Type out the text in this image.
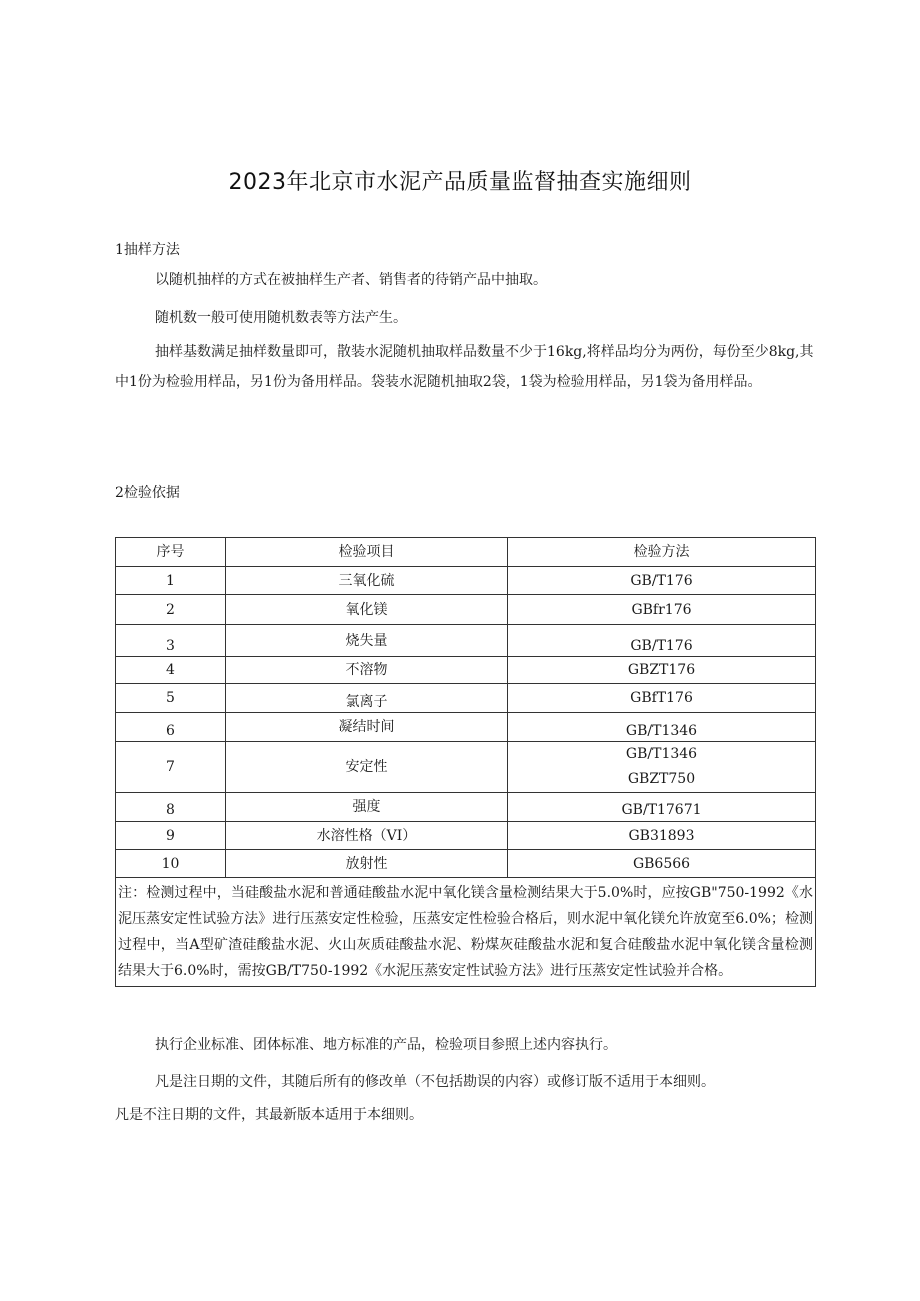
2023年北京市水泥产品质量监督抽查实施细则
1抽样方法
以随机抽样的方式在被抽样生产者、销售者的待销产品中抽取。
随机数一般可使用随机数表等方法产生。
抽样基数满足抽样数量即可，散装水泥随机抽取样品数量不少于16kg,将样品均分为两份，每份至少8kg,其中1份为检验用样品，另1份为备用样品。袋装水泥随机抽取2袋，1袋为检验用样品，另1袋为备用样品。
2检验依据
序号	检验项目	检验方法
1	三氧化硫	GB/T176
2	氧化镁	GBfr176
3	烧失量	GB/T176
4	不溶物	GBZT176
5	氯离子	GBfT176
6	凝结时间	GB/T1346
7	安定性	GB/T1346
GBZT750

8	强度	GB/T17671
9	水溶性格（VI）	GB31893
10	放射性	GB6566
注：检测过程中，当硅酸盐水泥和普通硅酸盐水泥中氧化镁含量检测结果大于5.0%时，应按GB"750-1992《水泥压蒸安定性试验方法》进行压蒸安定性检验，压蒸安定性检验合格后，则水泥中氧化镁允许放宽至6.0%；检测过程中，当A型矿渣硅酸盐水泥、火山灰质硅酸盐水泥、粉煤灰硅酸盐水泥和复合硅酸盐水泥中氧化镁含量检测结果大于6.0%时，需按GB/T750-1992《水泥压蒸安定性试验方法》进行压蒸安定性试验并合格。		
执行企业标准、团体标准、地方标准的产品，检验项目参照上述内容执行。
凡是注日期的文件，其随后所有的修改单（不包括勘误的内容）或修订版不适用于本细则。
凡是不注日期的文件，其最新版本适用于本细则。
